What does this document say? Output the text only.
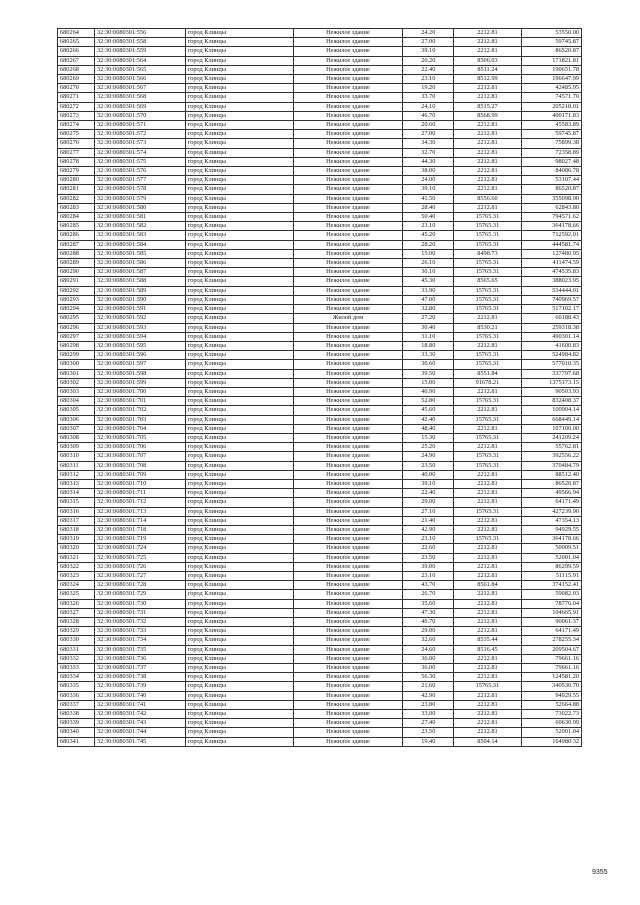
680264	32:30:0080301:556	город Клинцы	Нежилое здание	24.20	2212.81	53550.00
680265	32:30:0080301:558	город Клинцы	Нежилое здание	27.00	2212.81	59745.87
680266	32:30:0080301:559	город Клинцы	Нежилое здание	39.10	2212.81	86520.87
680267	32:30:0080301:564	город Клинцы	Нежилое здание	20.20	8506.03	171821.81
680268	32:30:0080301:565	город Клинцы	Нежилое здание	22.40	8511.24	190651.78
680269	32:30:0080301:566	город Клинцы	Нежилое здание	23.10	8512.99	196647.99
680270	32:30:0080301:567	город Клинцы	Нежилое здание	19.20	2212.81	42485.95
680271	32:30:0080301:568	город Клинцы	Нежилое здание	33.70	2212.81	74571.70
680272	32:30:0080301:569	город Клинцы	Нежилое здание	24.10	8515.27	205218.01
680273	32:30:0080301:570	город Клинцы	Нежилое здание	46.70	8568.99	400171.83
680274	32:30:0080301:571	город Клинцы	Нежилое здание	20.60	2212.81	45583.89
680275	32:30:0080301:572	город Клинцы	Нежилое здание	27.00	2212.81	59745.87
680276	32:30:0080301:573	город Клинцы	Нежилое здание	34.30	2212.81	75899.38
680277	32:30:0080301:574	город Клинцы	Нежилое здание	32.70	2212.81	72358.89
680278	32:30:0080301:575	город Клинцы	Нежилое здание	44.30	2212.81	98027.48
680279	32:30:0080301:576	город Клинцы	Нежилое здание	38.00	2212.81	84086.78
680280	32:30:0080301:577	город Клинцы	Нежилое здание	24.00	2212.81	53107.44
680281	32:30:0080301:578	город Клинцы	Нежилое здание	39.10	2212.81	86520.87
680282	32:30:0080301:579	город Клинцы	Нежилое здание	41.50	8556.60	355098.90
680283	32:30:0080301:580	город Клинцы	Нежилое здание	28.40	2212.81	62843.80
680284	32:30:0080301:581	город Клинцы	Нежилое здание	50.40	15765.31	794571.62
680285	32:30:0080301:582	город Клинцы	Нежилое здание	23.10	15765.31	364178.66
680286	32:30:0080301:583	город Клинцы	Нежилое здание	45.20	15765.31	712592.01
680287	32:30:0080301:584	город Клинцы	Нежилое здание	28.20	15765.31	444581.74
680288	32:30:0080301:585	город Клинцы	Нежилое здание	15.00	8498.73	127480.95
680289	32:30:0080301:586	город Клинцы	Нежилое здание	26.10	15765.31	411474.59
680290	32:30:0080301:587	город Клинцы	Нежилое здание	30.10	15765.31	474535.83
680291	32:30:0080301:588	город Клинцы	Нежилое здание	45.30	8565.65	388023.95
680292	32:30:0080301:589	город Клинцы	Нежилое здание	33.90	15765.31	534444.01
680293	32:30:0080301:590	город Клинцы	Нежилое здание	47.00	15765.31	740969.57
680294	32:30:0080301:591	город Клинцы	Нежилое здание	32.80	15765.31	517102.17
680295	32:30:0080301:592	город Клинцы	Жилой дом	27.20	2212.81	60188.43
680296	32:30:0080301:593	город Клинцы	Нежилое здание	30.40	8530.21	259318.38
680297	32:30:0080301:594	город Клинцы	Нежилое здание	31.10	15765.31	490301.14
680298	32:30:0080301:595	город Клинцы	Нежилое здание	18.80	2212.81	41600.83
680299	32:30:0080301:596	город Клинцы	Нежилое здание	33.30	15765.31	524984.82
680300	32:30:0080301:597	город Клинцы	Нежилое здание	36.60	15765.31	577010.35
680301	32:30:0080301:598	город Клинцы	Нежилое здание	39.50	8551.84	337797.68
680302	32:30:0080301:599	город Клинцы	Нежилое здание	15.00	91678.21	1375173.15
680303	32:30:0080301:700	город Клинцы	Нежилое здание	40.90	2212.81	90503.93
680304	32:30:0080301:701	город Клинцы	Нежилое здание	52.80	15765.31	832408.37
680305	32:30:0080301:702	город Клинцы	Нежилое здание	45.60	2212.81	100904.14
680306	32:30:0080301:703	город Клинцы	Нежилое здание	42.40	15765.31	668449.14
680307	32:30:0080301:704	город Клинцы	Нежилое здание	48.40	2212.81	107100.00
680308	32:30:0080301:705	город Клинцы	Нежилое здание	15.30	15765.31	241209.24
680309	32:30:0080301:706	город Клинцы	Нежилое здание	25.20	2212.81	55762.81
680310	32:30:0080301:707	город Клинцы	Нежилое здание	24.90	15765.31	392556.22
680311	32:30:0080301:708	город Клинцы	Нежилое здание	23.50	15765.31	370484.79
680312	32:30:0080301:709	город Клинцы	Нежилое здание	40.00	2212.81	88512.40
680313	32:30:0080301:710	город Клинцы	Нежилое здание	39.10	2212.81	86520.87
680314	32:30:0080301:711	город Клинцы	Нежилое здание	22.40	2212.81	49566.94
680315	32:30:0080301:712	город Клинцы	Нежилое здание	29.00	2212.81	64171.49
680316	32:30:0080301:713	город Клинцы	Нежилое здание	27.10	15765.31	427239.90
680317	32:30:0080301:714	город Клинцы	Нежилое здание	21.40	2212.81	47354.13
680318	32:30:0080301:718	город Клинцы	Нежилое здание	42.90	2212.81	94929.55
680319	32:30:0080301:719	город Клинцы	Нежилое здание	23.10	15765.31	364178.66
680320	32:30:0080301:724	город Клинцы	Нежилое здание	22.60	2212.81	50009.51
680321	32:30:0080301:725	город Клинцы	Нежилое здание	23.50	2212.81	52001.04
680322	32:30:0080301:726	город Клинцы	Нежилое здание	39.00	2212.81	86299.59
680323	32:30:0080301:727	город Клинцы	Нежилое здание	23.10	2212.81	51115.91
680324	32:30:0080301:728	город Клинцы	Нежилое здание	43.70	8561.84	374152.41
680325	32:30:0080301:729	город Клинцы	Нежилое здание	26.70	2212.81	59082.03
680326	32:30:0080301:730	город Клинцы	Нежилое здание	35.60	2212.81	78776.04
680327	32:30:0080301:731	город Клинцы	Нежилое здание	47.30	2212.81	104665.91
680328	32:30:0080301:732	город Клинцы	Нежилое здание	40.70	2212.81	90061.37
680329	32:30:0080301:733	город Клинцы	Нежилое здание	29.00	2212.81	64171.49
680330	32:30:0080301:734	город Клинцы	Нежилое здание	32.60	8535.44	278255.34
680331	32:30:0080301:735	город Клинцы	Нежилое здание	24.60	8516.45	209504.67
680332	32:30:0080301:736	город Клинцы	Нежилое здание	36.00	2212.81	79661.16
680333	32:30:0080301:737	город Клинцы	Нежилое здание	36.00	2212.81	79661.16
680334	32:30:0080301:738	город Клинцы	Нежилое здание	56.30	2212.81	124581.20
680335	32:30:0080301:739	город Клинцы	Нежилое здание	21.60	15765.31	340530.70
680336	32:30:0080301:740	город Клинцы	Нежилое здание	42.90	2212.81	94929.55
680337	32:30:0080301:741	город Клинцы	Нежилое здание	23.80	2212.81	52664.88
680338	32:30:0080301:742	город Клинцы	Нежилое здание	33.00	2212.81	73022.73
680339	32:30:0080301:743	город Клинцы	Нежилое здание	27.40	2212.81	60630.99
680340	32:30:0080301:744	город Клинцы	Нежилое здание	23.50	2212.81	52001.04
680341	32:30:0080301:745	город Клинцы	Нежилое здание	19.40	8504.14	164980.32
9355
